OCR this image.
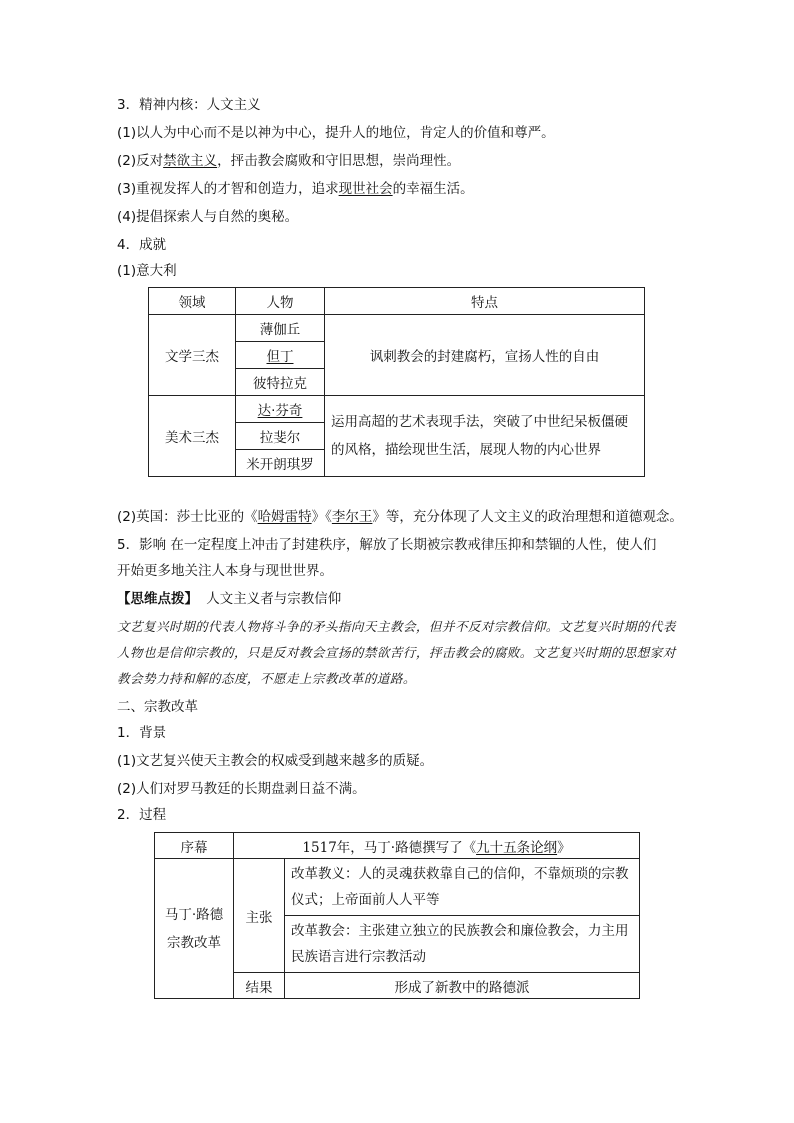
3．精神内核：人文主义
(1)以人为中心而不是以神为中心，提升人的地位，肯定人的价值和尊严。
(2)反对禁欲主义，抨击教会腐败和守旧思想，崇尚理性。
(3)重视发挥人的才智和创造力，追求现世社会的幸福生活。
(4)提倡探索人与自然的奥秘。
4．成就
(1)意大利
领域	人物	特点
文学三杰	薄伽丘	讽刺教会的封建腐朽，宣扬人性的自由
	但丁	
	彼特拉克	
美术三杰	达·芬奇	运用高超的艺术表现手法，突破了中世纪呆板僵硬的风格，描绘现世生活，展现人物的内心世界
	拉斐尔	
	米开朗琪罗	
(2)英国：莎士比亚的《哈姆雷特》《李尔王》等，充分体现了人文主义的政治理想和道德观念。
5．影响 在一定程度上冲击了封建秩序，解放了长期被宗教戒律压抑和禁锢的人性，使人们
开始更多地关注人本身与现世世界。
【思维点拨】 人文主义者与宗教信仰
文艺复兴时期的代表人物将斗争的矛头指向天主教会，但并不反对宗教信仰。文艺复兴时期的代表人物也是信仰宗教的，只是反对教会宣扬的禁欲苦行，抨击教会的腐败。文艺复兴时期的思想家对教会势力持和解的态度，不愿走上宗教改革的道路。
二、宗教改革
1．背景
(1)文艺复兴使天主教会的权威受到越来越多的质疑。
(2)人们对罗马教廷的长期盘剥日益不满。
2．过程
序幕	1517年，马丁·路德撰写了《九十五条论纲》	
马丁·路德宗教改革	主张	改革教义：人的灵魂获救靠自己的信仰，不靠烦琐的宗教仪式；上帝面前人人平等
		改革教会：主张建立独立的民族教会和廉俭教会，力主用民族语言进行宗教活动
	结果	形成了新教中的路德派
